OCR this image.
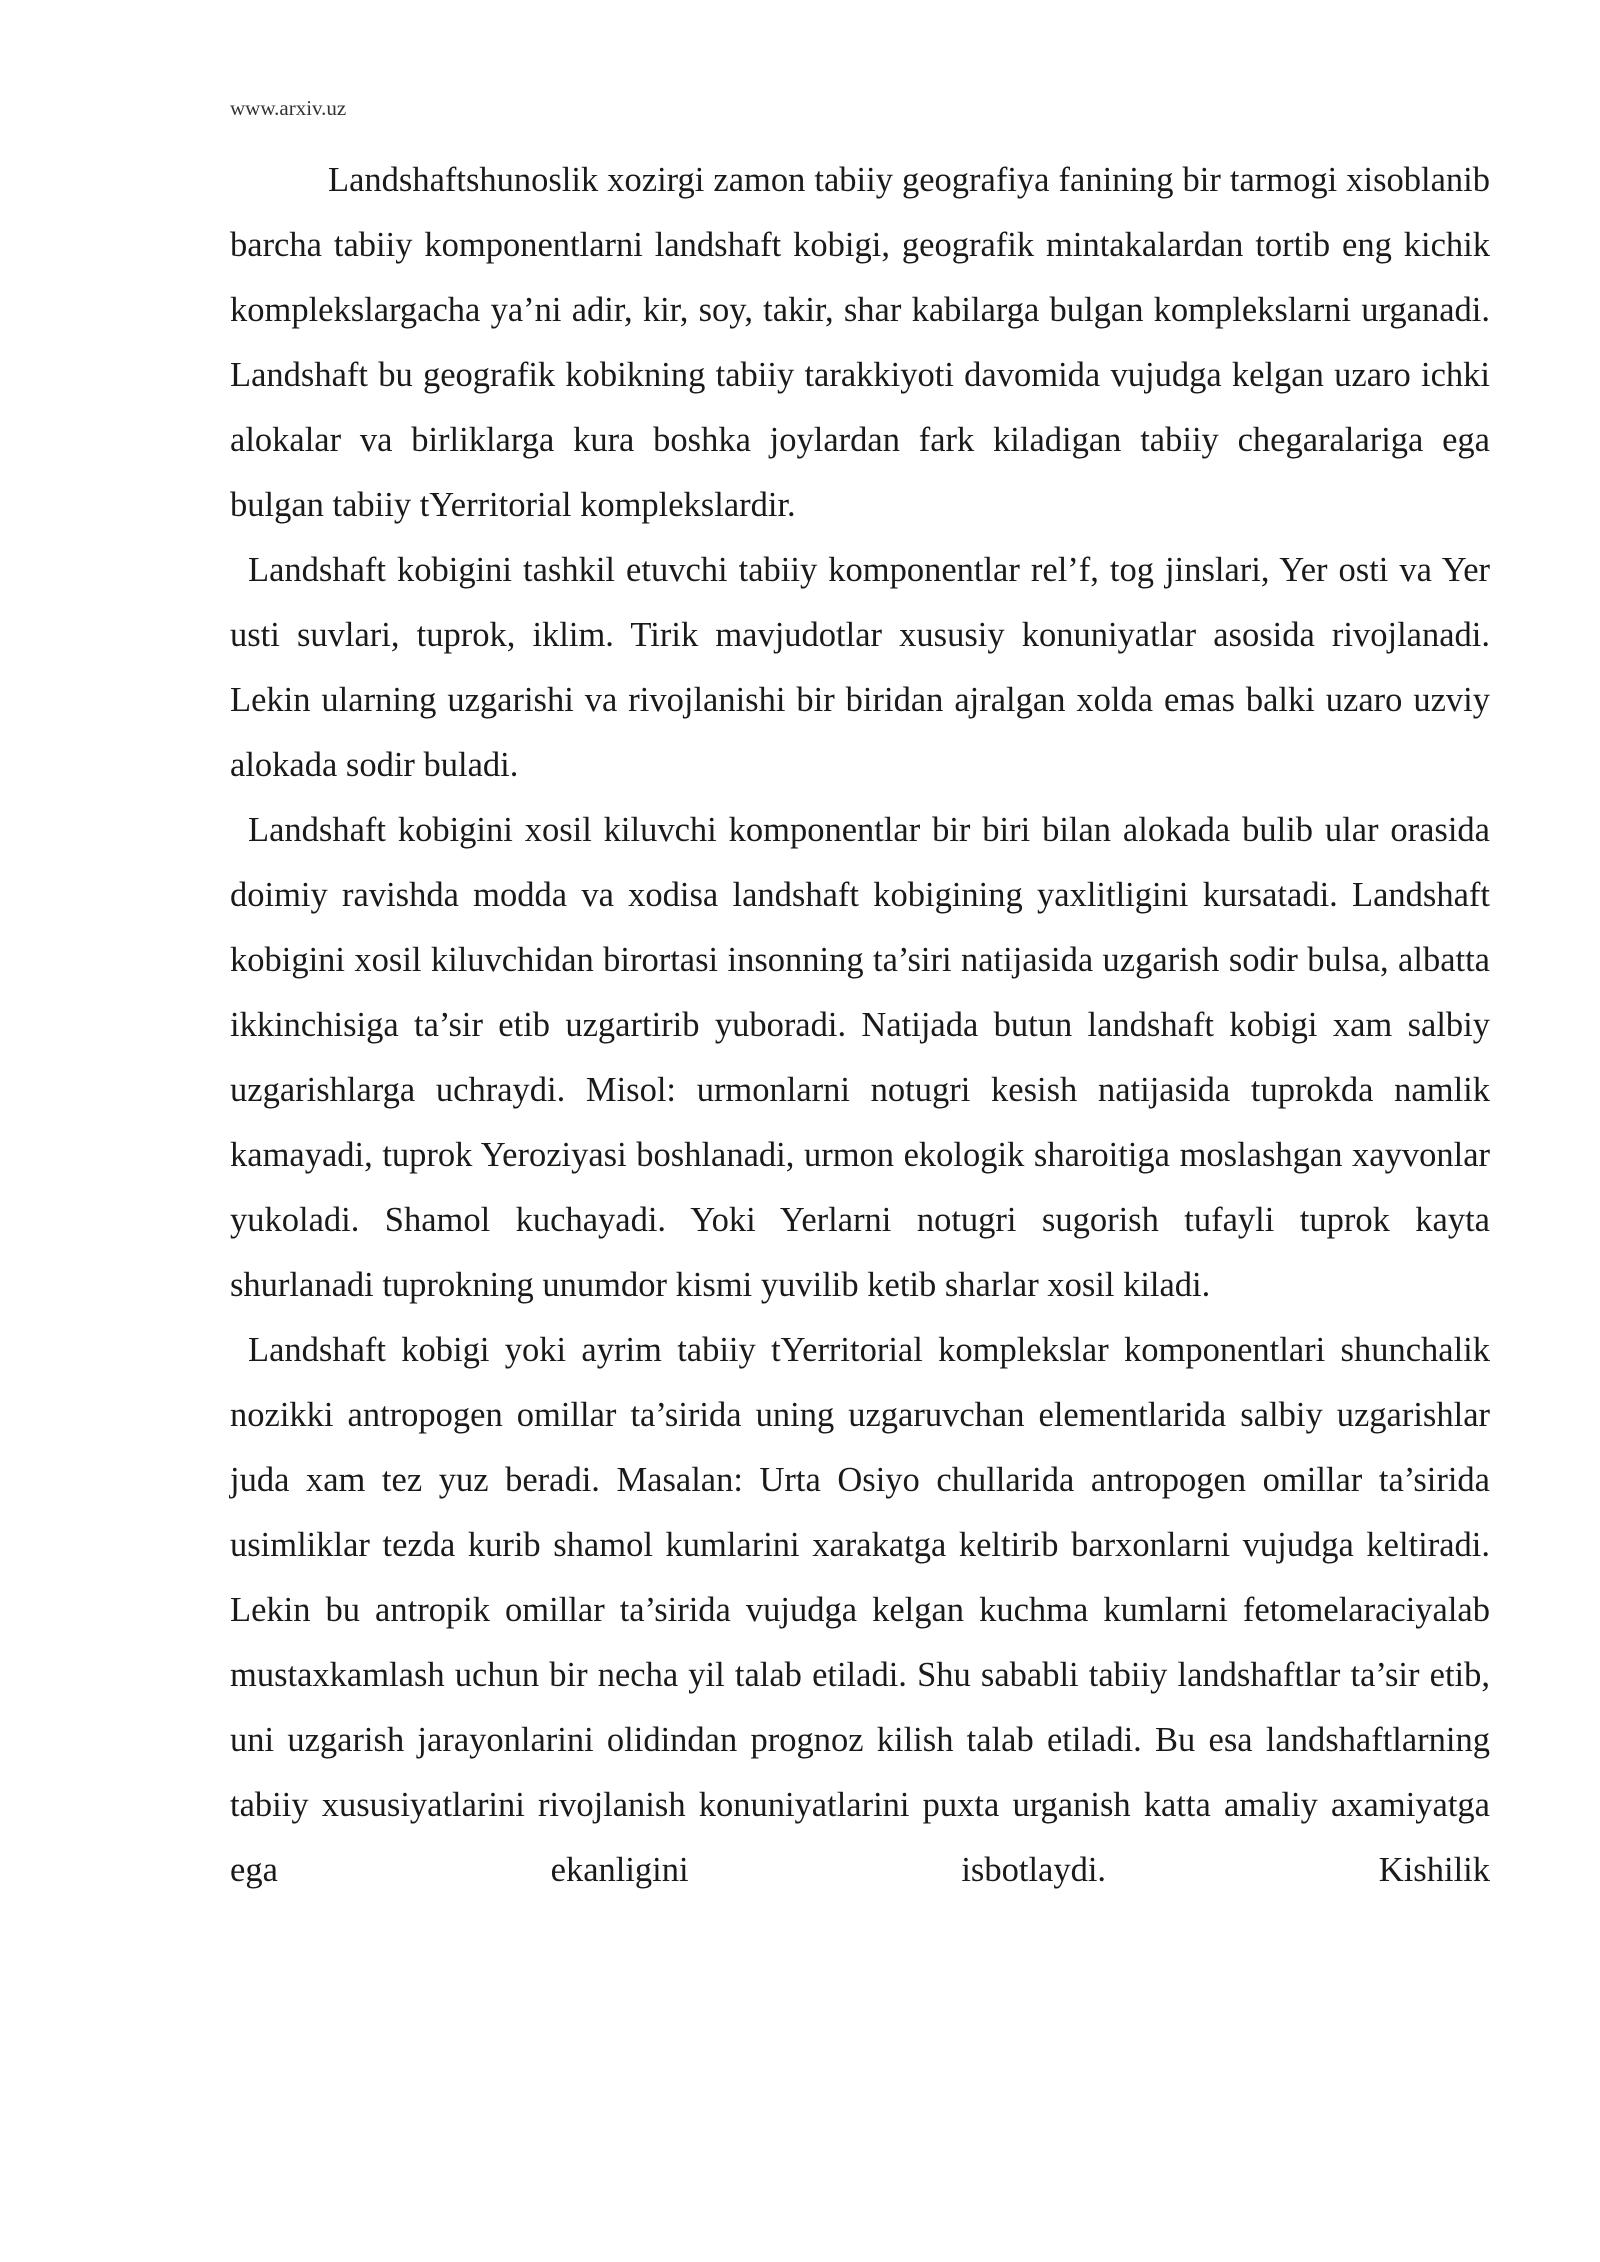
www.arxiv.uz

Landshaftshunoslik xozirgi zamon tabiiy geografiya fanining bir tarmogi xisoblanib barcha tabiiy komponentlarni landshaft kobigi, geografik mintakalardan tortib eng kichik komplekslargacha ya’ni adir, kir, soy, takir, shar kabilarga bulgan komplekslarni urganadi. Landshaft bu geografik kobikning tabiiy tarakkiyoti davomida vujudga kelgan uzaro ichki alokalar va birliklarga kura boshka joylardan fark kiladigan tabiiy chegaralariga ega bulgan tabiiy tYerritorial komplekslardir.

Landshaft kobigini tashkil etuvchi tabiiy komponentlar rel’f, tog jinslari, Yer osti va Yer usti suvlari, tuprok, iklim. Tirik mavjudotlar xususiy konuniyatlar asosida rivojlanadi. Lekin ularning uzgarishi va rivojlanishi bir biridan ajralgan xolda emas balki uzaro uzviy alokada sodir buladi.

Landshaft kobigini xosil kiluvchi komponentlar bir biri bilan alokada bulib ular orasida doimiy ravishda modda va xodisa landshaft kobigining yaxlitligini kursatadi. Landshaft kobigini xosil kiluvchidan birortasi insonning ta’siri natijasida uzgarish sodir bulsa, albatta ikkinchisiga ta’sir etib uzgartirib yuboradi. Natijada butun landshaft kobigi xam salbiy uzgarishlarga uchraydi. Misol: urmonlarni notugri kesish natijasida tuprokda namlik kamayadi, tuprok Yeroziyasi boshlanadi, urmon ekologik sharoitiga moslashgan xayvonlar yukoladi. Shamol kuchayadi. Yoki Yerlarni notugri sugorish tufayli tuprok kayta shurlanadi tuprokning unumdor kismi yuvilib ketib sharlar xosil kiladi.

Landshaft kobigi yoki ayrim tabiiy tYerritorial komplekslar komponentlari shunchalik nozikki antropogen omillar ta’sirida uning uzgaruvchan elementlarida salbiy uzgarishlar juda xam tez yuz beradi. Masalan: Urta Osiyo chullarida antropogen omillar ta’sirida usimliklar tezda kurib shamol kumlarini xarakatga keltirib barxonlarni vujudga keltiradi. Lekin bu antropik omillar ta’sirida vujudga kelgan kuchma kumlarni fetomelaraciyalab mustaxkamlash uchun bir necha yil talab etiladi. Shu sababli tabiiy landshaftlar ta’sir etib, uni uzgarish jarayonlarini olidindan prognoz kilish talab etiladi. Bu esa landshaftlarning tabiiy xususiyatlarini rivojlanish konuniyatlarini puxta urganish katta amaliy axamiyatga ega ekanligini isbotlaydi. Kishilik
